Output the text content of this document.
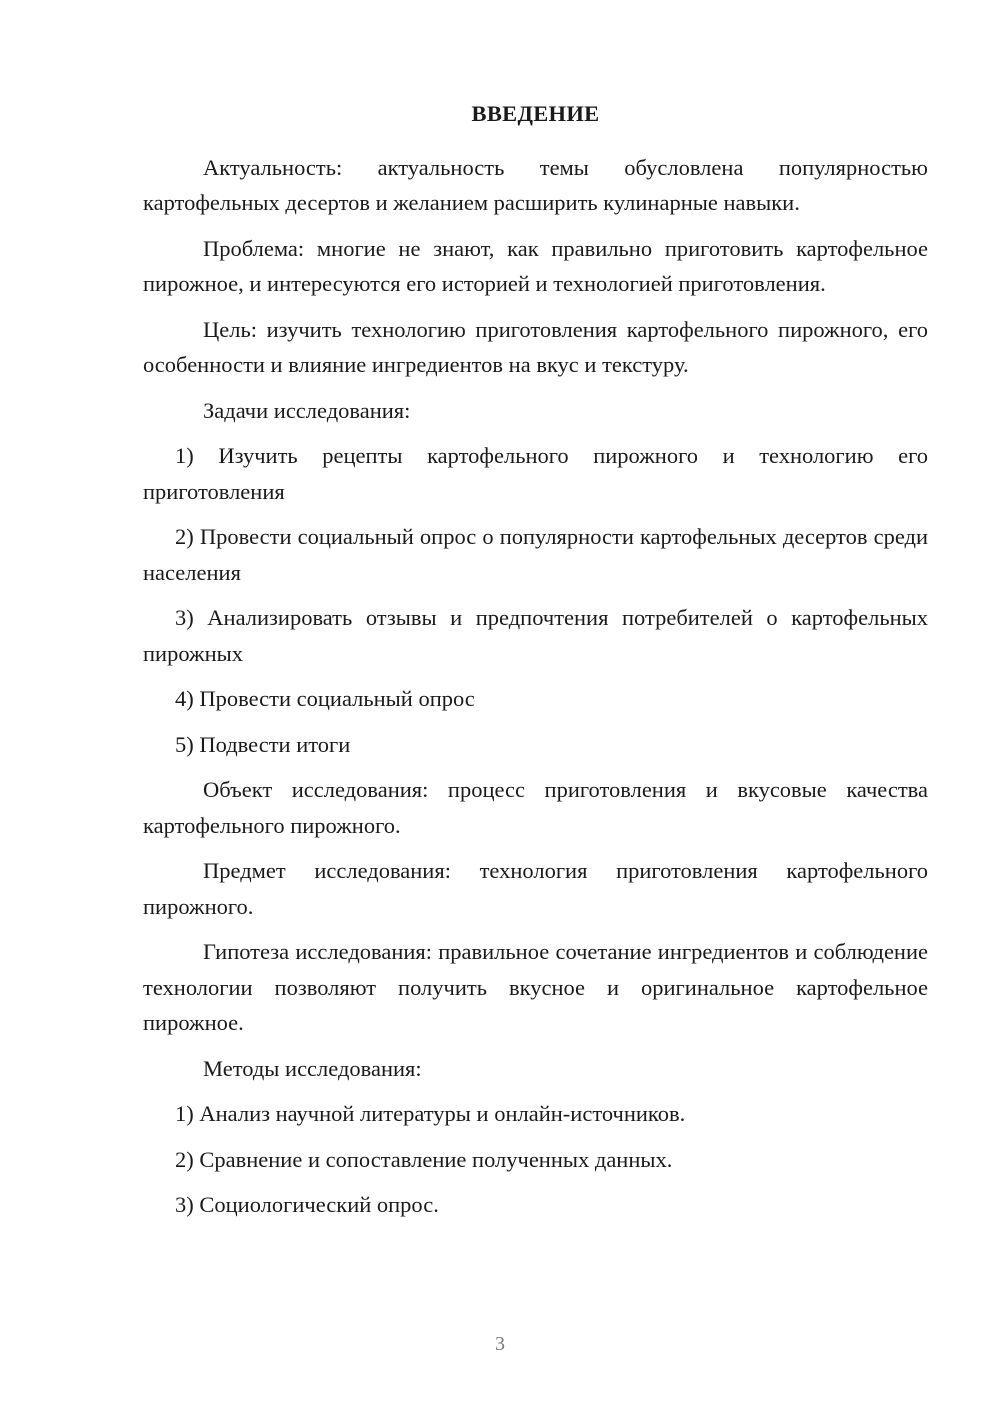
ВВЕДЕНИЕ

Актуальность: актуальность темы обусловлена популярностью картофельных десертов и желанием расширить кулинарные навыки.

Проблема: многие не знают, как правильно приготовить картофельное пирожное, и интересуются его историей и технологией приготовления.

Цель: изучить технологию приготовления картофельного пирожного, его особенности и влияние ингредиентов на вкус и текстуру.

Задачи исследования:

1) Изучить рецепты картофельного пирожного и технологию его приготовления

2) Провести социальный опрос о популярности картофельных десертов среди населения

3) Анализировать отзывы и предпочтения потребителей о картофельных пирожных

4) Провести социальный опрос

5) Подвести итоги

Объект исследования: процесс приготовления и вкусовые качества картофельного пирожного.

Предмет исследования: технология приготовления картофельного пирожного.

Гипотеза исследования: правильное сочетание ингредиентов и соблюдение технологии позволяют получить вкусное и оригинальное картофельное пирожное.

Методы исследования:

1) Анализ научной литературы и онлайн-источников.

2) Сравнение и сопоставление полученных данных.

3) Социологический опрос.

3
